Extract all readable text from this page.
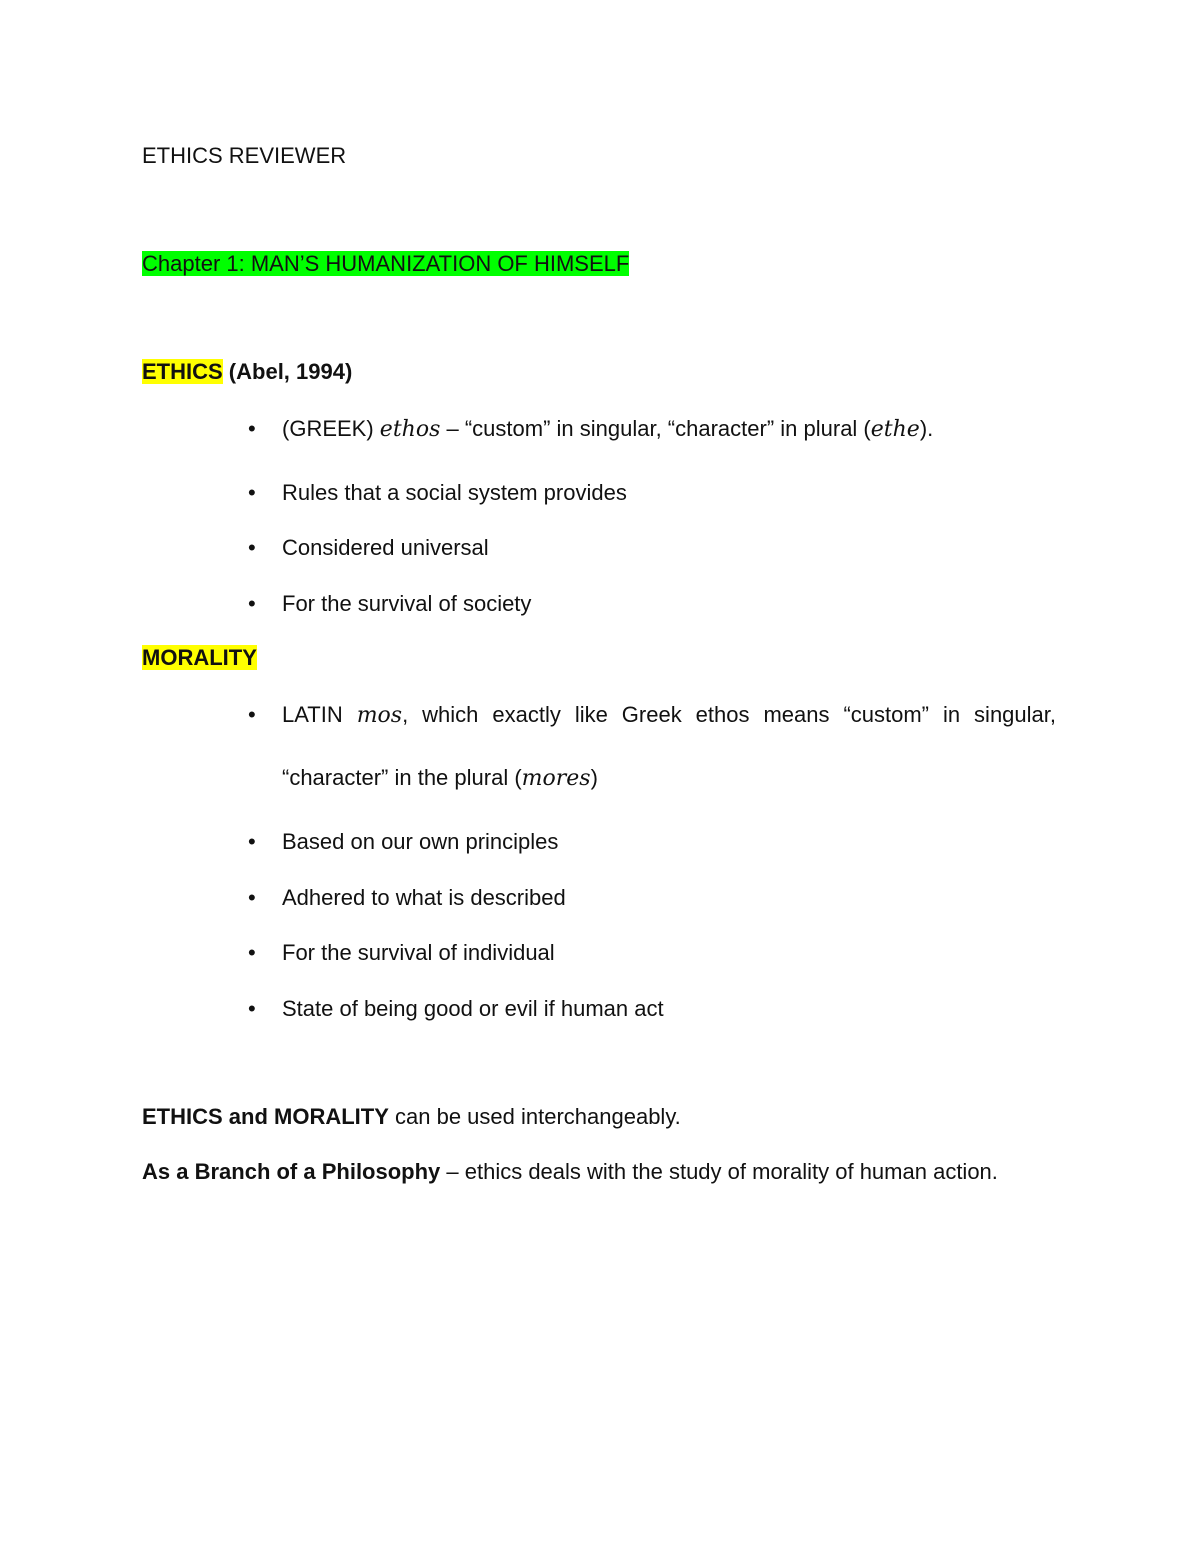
ETHICS REVIEWER
Chapter 1: MAN’S HUMANIZATION OF HIMSELF
ETHICS (Abel, 1994)
• (GREEK) ethos – “custom” in singular, “character” in plural (ethe).
• Rules that a social system provides
• Considered universal
• For the survival of society
MORALITY
LATIN mos, which exactly like Greek ethos means “custom” in singular,
“character” in the plural (mores)
• Based on our own principles
• Adhered to what is described
• For the survival of individual
• State of being good or evil if human act
ETHICS and MORALITY can be used interchangeably.
As a Branch of a Philosophy – ethics deals with the study of morality of human action.
